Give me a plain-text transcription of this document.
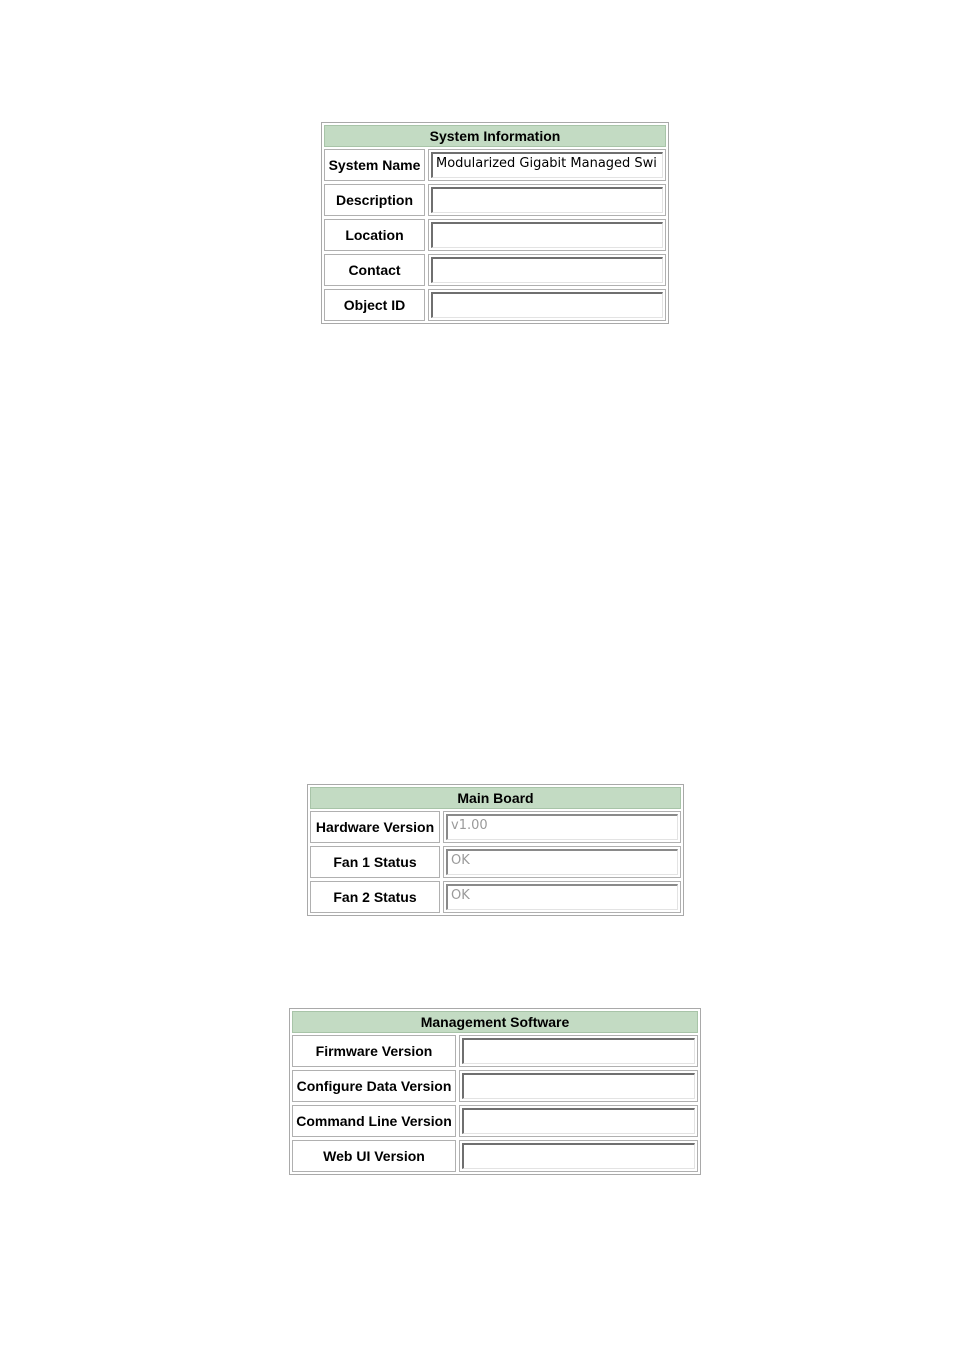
System Information
System Name	Modularized Gigabit Managed Swi
Description
Location
Contact
Object ID
Main Board
Hardware Version	v1.00
Fan 1 Status	OK
Fan 2 Status	OK
Management Software
Firmware Version
Configure Data Version
Command Line Version
Web UI Version
